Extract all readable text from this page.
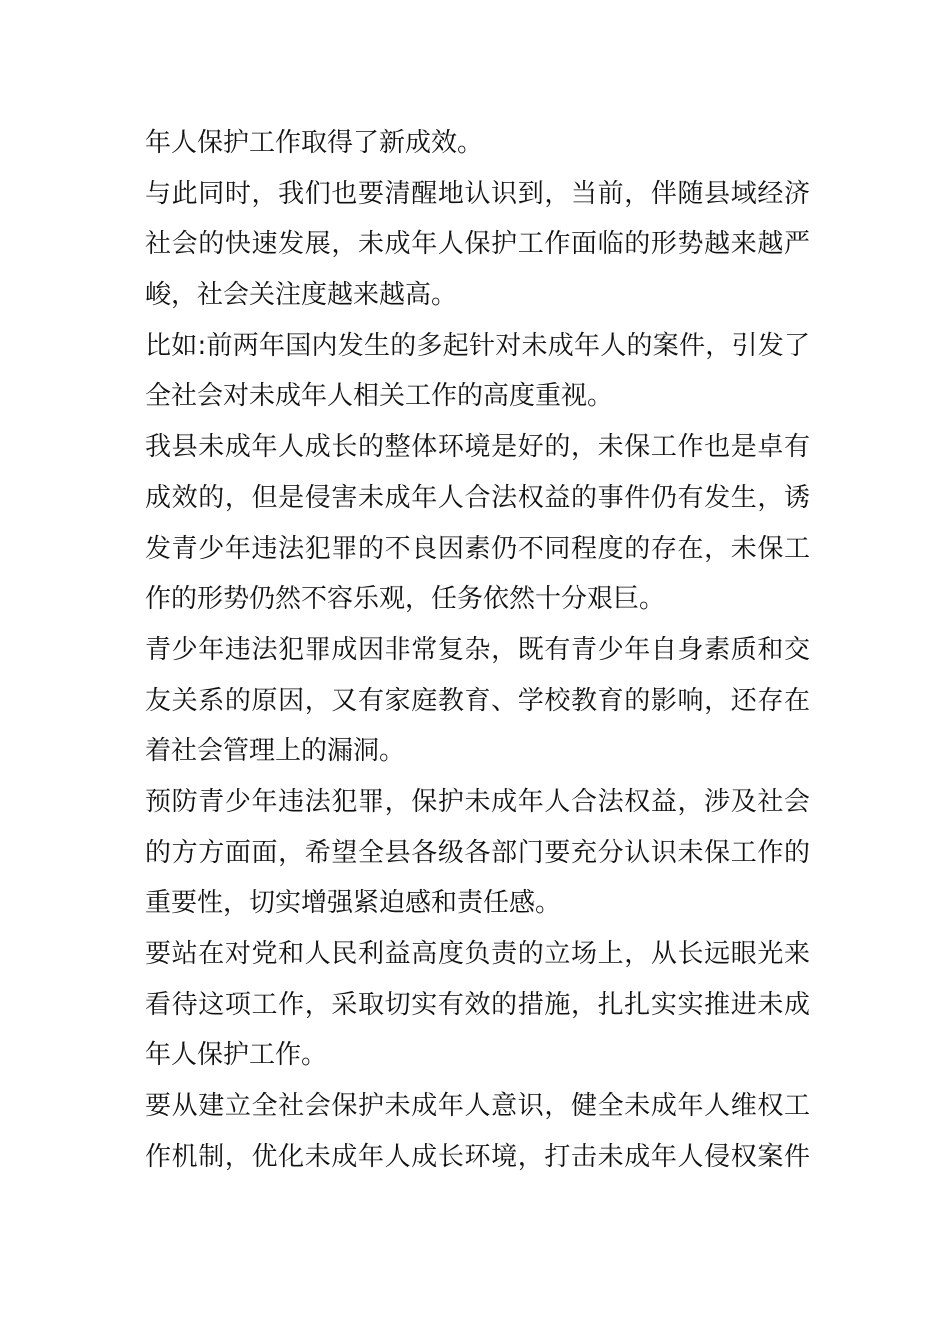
年人保护工作取得了新成效。
与此同时，我们也要清醒地认识到，当前，伴随县域经济
社会的快速发展，未成年人保护工作面临的形势越来越严
峻，社会关注度越来越高。
比如:前两年国内发生的多起针对未成年人的案件，引发了
全社会对未成年人相关工作的高度重视。
我县未成年人成长的整体环境是好的，未保工作也是卓有
成效的，但是侵害未成年人合法权益的事件仍有发生，诱
发青少年违法犯罪的不良因素仍不同程度的存在，未保工
作的形势仍然不容乐观，任务依然十分艰巨。
青少年违法犯罪成因非常复杂，既有青少年自身素质和交
友关系的原因，又有家庭教育、学校教育的影响，还存在
着社会管理上的漏洞。
预防青少年违法犯罪，保护未成年人合法权益，涉及社会
的方方面面，希望全县各级各部门要充分认识未保工作的
重要性，切实增强紧迫感和责任感。
要站在对党和人民利益高度负责的立场上，从长远眼光来
看待这项工作，采取切实有效的措施，扎扎实实推进未成
年人保护工作。
要从建立全社会保护未成年人意识，健全未成年人维权工
作机制，优化未成年人成长环境，打击未成年人侵权案件
